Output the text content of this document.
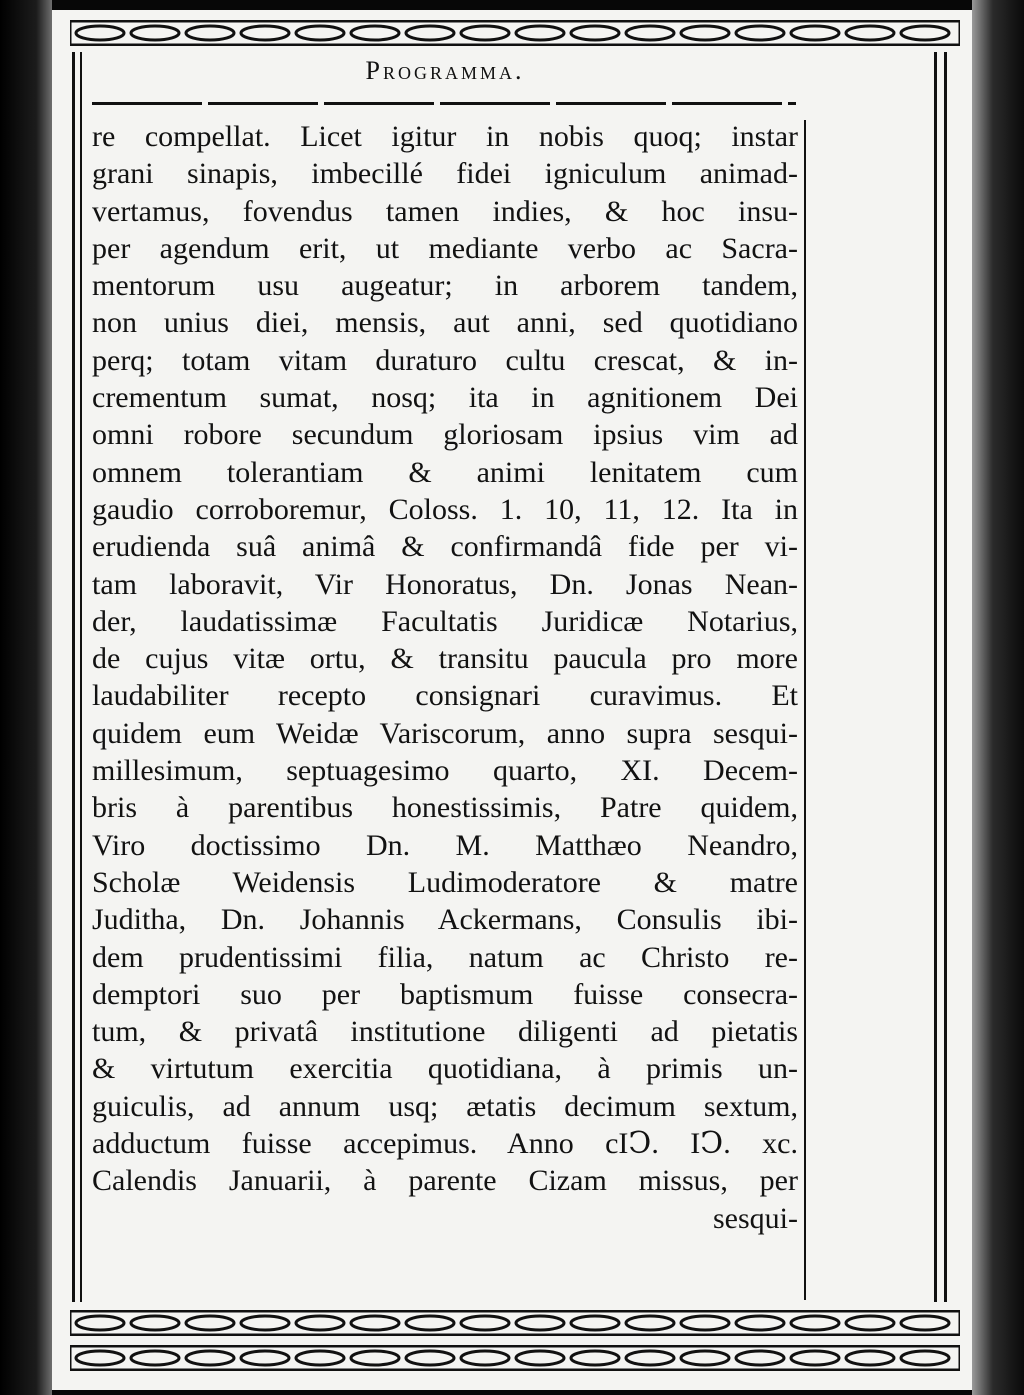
Programma.
re compellat. Licet igitur in nobis quoq; instar
grani sinapis, imbecillé fidei igniculum animad-
vertamus, fovendus tamen indies, & hoc insu-
per agendum erit, ut mediante verbo ac Sacra-
mentorum usu augeatur; in arborem tandem,
non unius diei, mensis, aut anni, sed quotidiano
perq; totam vitam duraturo cultu crescat, & in-
crementum sumat, nosq; ita in agnitionem Dei
omni robore secundum gloriosam ipsius vim ad
omnem tolerantiam & animi lenitatem cum
gaudio corroboremur, Coloss. 1. 10, 11, 12. Ita in
erudienda suâ animâ & confirmandâ fide per vi-
tam laboravit, Vir Honoratus, Dn. Jonas Nean-
der, laudatissimæ Facultatis Juridicæ Notarius,
de cujus vitæ ortu, & transitu paucula pro more
laudabiliter recepto consignari curavimus. Et
quidem eum Weidæ Variscorum, anno supra sesqui-
millesimum, septuagesimo quarto, XI. Decem-
bris à parentibus honestissimis, Patre quidem,
Viro doctissimo Dn. M. Matthæo Neandro,
Scholæ Weidensis Ludimoderatore & matre
Juditha, Dn. Johannis Ackermans, Consulis ibi-
dem prudentissimi filia, natum ac Christo re-
demptori suo per baptismum fuisse consecra-
tum, & privatâ institutione diligenti ad pietatis
& virtutum exercitia quotidiana, à primis un-
guiculis, ad annum usq; ætatis decimum sextum,
adductum fuisse accepimus. Anno cIↃ. IↃ. xc.
Calendis Januarii, à parente Cizam missus, per
sesqui-
